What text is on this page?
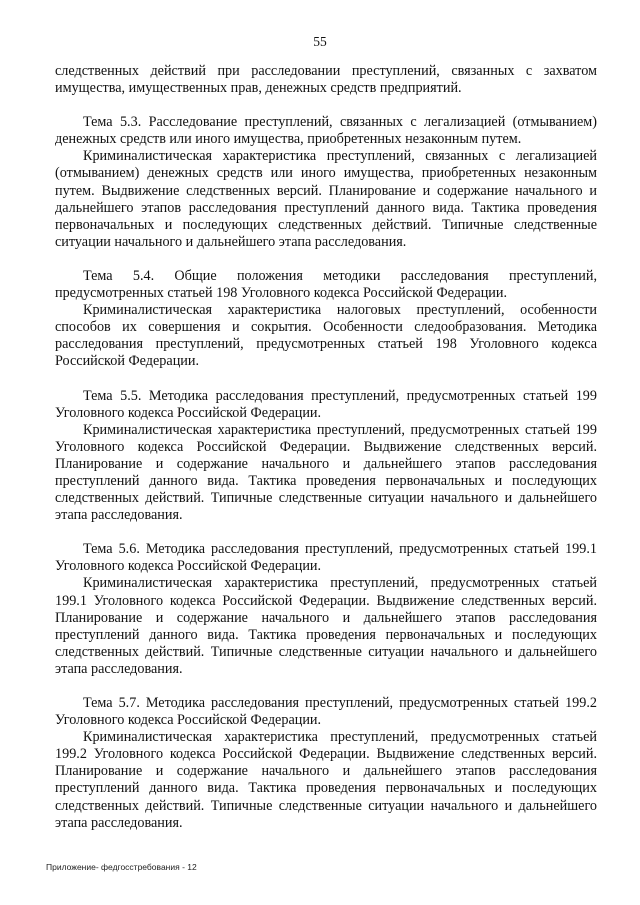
55

следственных действий при расследовании преступлений, связанных с захватом имущества, имущественных прав, денежных средств предприятий.

Тема 5.3. Расследование преступлений, связанных с легализацией (отмыванием) денежных средств или иного имущества, приобретенных незаконным путем.

Криминалистическая характеристика преступлений, связанных с легализацией (отмыванием) денежных средств или иного имущества, приобретенных незаконным путем. Выдвижение следственных версий. Планирование и содержание начального и дальнейшего этапов расследования преступлений данного вида. Тактика проведения первоначальных и последующих следственных действий. Типичные следственные ситуации начального и дальнейшего этапа расследования.

Тема 5.4. Общие положения методики расследования преступлений, предусмотренных статьей 198 Уголовного кодекса Российской Федерации.

Криминалистическая характеристика налоговых преступлений, особенности способов их совершения и сокрытия. Особенности следообразования. Методика расследования преступлений, предусмотренных статьей 198 Уголовного кодекса Российской Федерации.

Тема 5.5. Методика расследования преступлений, предусмотренных статьей 199 Уголовного кодекса Российской Федерации.

Криминалистическая характеристика преступлений, предусмотренных статьей 199 Уголовного кодекса Российской Федерации. Выдвижение следственных версий. Планирование и содержание начального и дальнейшего этапов расследования преступлений данного вида. Тактика проведения первоначальных и последующих следственных действий. Типичные следственные ситуации начального и дальнейшего этапа расследования.

Тема 5.6. Методика расследования преступлений, предусмотренных статьей 199.1 Уголовного кодекса Российской Федерации.

Криминалистическая характеристика преступлений, предусмотренных статьей 199.1 Уголовного кодекса Российской Федерации. Выдвижение следственных версий. Планирование и содержание начального и дальнейшего этапов расследования преступлений данного вида. Тактика проведения первоначальных и последующих следственных действий. Типичные следственные ситуации начального и дальнейшего этапа расследования.

Тема 5.7. Методика расследования преступлений, предусмотренных статьей 199.2 Уголовного кодекса Российской Федерации.

Криминалистическая характеристика преступлений, предусмотренных статьей 199.2 Уголовного кодекса Российской Федерации. Выдвижение следственных версий. Планирование и содержание начального и дальнейшего этапов расследования преступлений данного вида. Тактика проведения первоначальных и последующих следственных действий. Типичные следственные ситуации начального и дальнейшего этапа расследования.

Приложение- федгосстребования - 12
